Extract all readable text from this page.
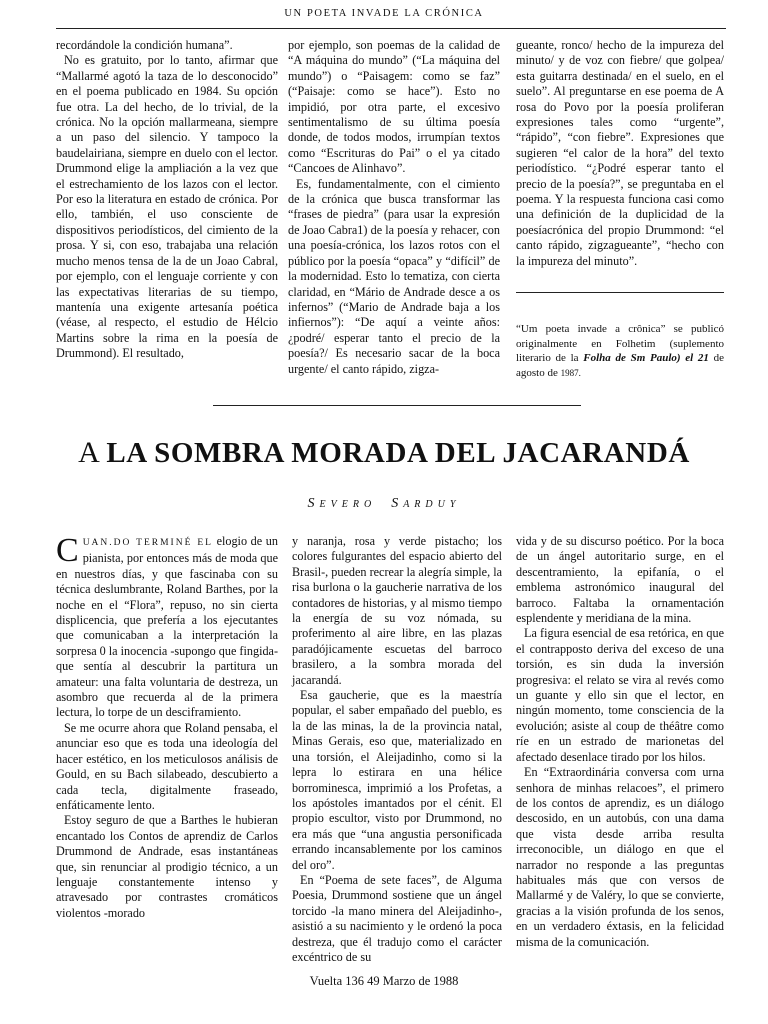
UN POETA INVADE LA CRÓNICA

recordándole la condición humana”.

No es gratuito, por lo tanto, afirmar que “Mallarmé agotó la taza de lo desconocido” en el poema publicado en 1984. Su opción fue otra. La del hecho, de lo trivial, de la crónica. No la opción mallarmeana, siempre a un paso del silencio. Y tampoco la baudelairiana, siempre en duelo con el lector. Drummond elige la ampliación a la vez que el estrechamiento de los lazos con el lector. Por eso la literatura en estado de crónica. Por ello, también, el uso consciente de dispositivos periodísticos, del cimiento de la prosa. Y si, con eso, trabajaba una relación mucho menos tensa de la de un Joao Cabral, por ejemplo, con el lenguaje corriente y con las expectativas literarias de su tiempo, mantenía una exigente artesanía poética (véase, al respecto, el estudio de Hélcio Martins sobre la rima en la poesía de Drummond). El resultado,

por ejemplo, son poemas de la calidad de “A máquina do mundo” (“La máquina del mundo”) o “Paisagem: como se faz” (“Paisaje: como se hace”). Esto no impidió, por otra parte, el excesivo sentimentalismo de su última poesía donde, de todos modos, irrumpían textos como “Escrituras do Pai” o el ya citado “Cancoes de Alinhavo”.

Es, fundamentalmente, con el cimiento de la crónica que busca transformar las “frases de piedra” (para usar la expresión de Joao Cabra1) de la poesía y rehacer, con una poesía-crónica, los lazos rotos con el público por la poesía “opaca” y “difícil” de la modernidad. Esto lo tematiza, con cierta claridad, en “Mário de Andrade desce a os infernos” (“Mario de Andrade baja a los infiernos”): “De aquí a veinte años: ¿podré/ esperar tanto el precio de la poesía?/ Es necesario sacar de la boca urgente/ el canto rápido, zigza-

gueante, ronco/ hecho de la impureza del minuto/ y de voz con fiebre/ que golpea/ esta guitarra destinada/ en el suelo, en el suelo”. Al preguntarse en ese poema de A rosa do Povo por la poesía proliferan expresiones tales como “urgente”, “rápido”, “con fiebre”. Expresiones que sugieren “el calor de la hora” del texto periodístico. “¿Podré esperar tanto el precio de la poesía?”, se preguntaba en el poema. Y la respuesta funciona casi como una definición de la duplicidad de la poesíacrónica del propio Drummond: “el canto rápido, zigzagueante”, “hecho con la impureza del minuto”.

“Um poeta invade a crônica” se publicó originalmente en Folhetim (suplemento literario de la Folha de Sm Paulo) el 21 de agosto de 1987.
A LA SOMBRA MORADA DEL JACARANDÁ
SEVERO SARDUY

CUAN.DO TERMINÉ EL elogio de un pianista, por entonces más de moda que en nuestros días, y que fascinaba con su técnica deslumbrante, Roland Barthes, por la noche en el “Flora”, repuso, no sin cierta displicencia, que prefería a los ejecutantes que comunicaban a la interpretación la sorpresa 0 la inocencia -supongo que fingida- que sentía al descubrir la partitura un amateur: una falta voluntaria de destreza, un asombro que recuerda al de la primera lectura, lo torpe de un desciframiento.

Se me ocurre ahora que Roland pensaba, el anunciar eso que es toda una ideología del hacer estético, en los meticulosos análisis de Gould, en su Bach silabeado, descubierto a cada tecla, digitalmente fraseado, enfáticamente lento.

Estoy seguro de que a Barthes le hubieran encantado los Contos de aprendiz de Carlos Drummond de Andrade, esas instantáneas que, sin renunciar al prodigio técnico, a un lenguaje constantemente intenso y atravesado por contrastes cromáticos violentos -morado

y naranja, rosa y verde pistacho; los colores fulgurantes del espacio abierto del Brasil-, pueden recrear la alegría simple, la risa burlona o la gaucherie narrativa de los contadores de historias, y al mismo tiempo la energía de su voz nómada, su proferimento al aire libre, en las plazas paradójicamente escuetas del barroco brasilero, a la sombra morada del jacarandá.

Esa gaucherie, que es la maestría popular, el saber empañado del pueblo, es la de las minas, la de la provincia natal, Minas Gerais, eso que, materializado en una torsión, el Aleijadinho, como si la lepra lo estirara en una hélice borrominesca, imprimió a los Profetas, a los apóstoles imantados por el cénit. El propio escultor, visto por Drummond, no era más que “una angustia personificada errando incansablemente por los caminos del oro”.

En “Poema de sete faces”, de Alguma Poesia, Drummond sostiene que un ángel torcido -la mano minera del Aleijadinho-, asistió a su nacimiento y le ordenó la poca destreza, que él tradujo como el carácter excéntrico de su

vida y de su discurso poético. Por la boca de un ángel autoritario surge, en el descentramiento, la epifanía, o el emblema astronómico inaugural del barroco. Faltaba la ornamentación esplendente y meridiana de la mina.

La figura esencial de esa retórica, en que el contrapposto deriva del exceso de una torsión, es sin duda la inversión progresiva: el relato se vira al revés como un guante y ello sin que el lector, en ningún momento, tome consciencia de la evolución; asiste al coup de théâtre como ríe en un estrado de marionetas del afectado desenlace tirado por los hilos.

En “Extraordinária conversa com urna senhora de minhas relacoes”, el primero de los contos de aprendiz, es un diálogo descosido, en un autobús, con una dama que vista desde arriba resulta irreconocible, un diálogo en que el narrador no responde a las preguntas habituales más que con versos de Mallarmé y de Valéry, lo que se convierte, gracias a la visión profunda de los senos, en un verdadero éxtasis, en la felicidad misma de la comunicación.

Vuelta 136 49 Marzo de 1988
